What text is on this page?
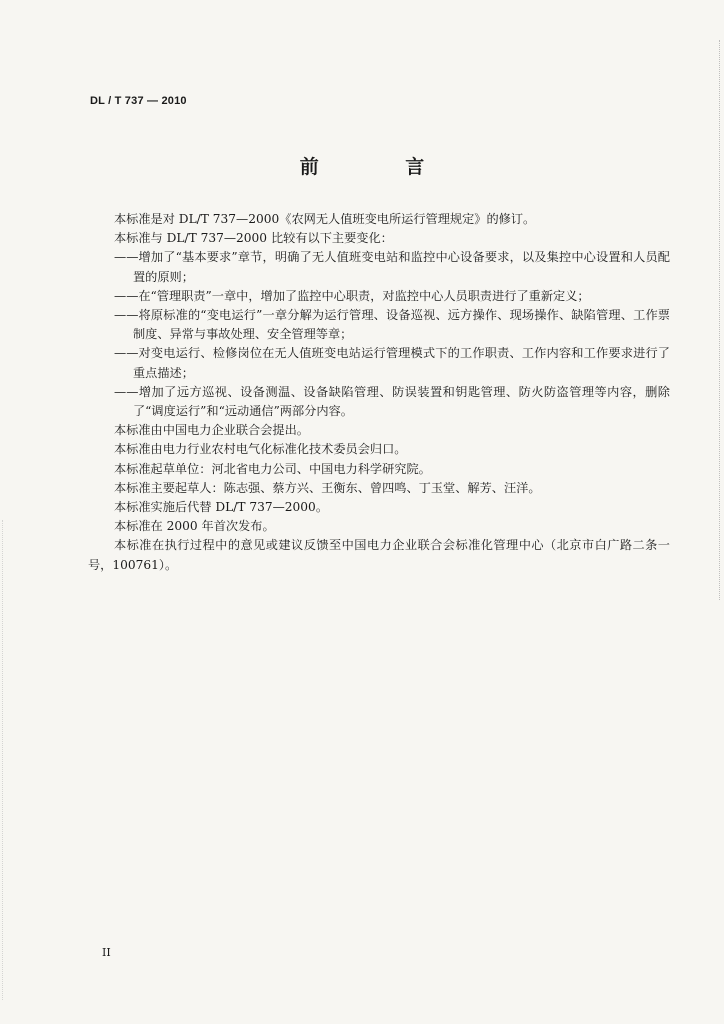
DL / T 737 — 2010
前 言

本标准是对 DL/T 737—2000《农网无人值班变电所运行管理规定》的修订。

本标准与 DL/T 737—2000 比较有以下主要变化：

——增加了“基本要求”章节，明确了无人值班变电站和监控中心设备要求，以及集控中心设置和人员配置的原则；

——在“管理职责”一章中，增加了监控中心职责，对监控中心人员职责进行了重新定义；

——将原标准的“变电运行”一章分解为运行管理、设备巡视、远方操作、现场操作、缺陷管理、工作票制度、异常与事故处理、安全管理等章；

——对变电运行、检修岗位在无人值班变电站运行管理模式下的工作职责、工作内容和工作要求进行了重点描述；

——增加了远方巡视、设备测温、设备缺陷管理、防误装置和钥匙管理、防火防盗管理等内容，删除了“调度运行”和“远动通信”两部分内容。

本标准由中国电力企业联合会提出。

本标准由电力行业农村电气化标准化技术委员会归口。

本标准起草单位：河北省电力公司、中国电力科学研究院。

本标准主要起草人：陈志强、蔡方兴、王衡东、曾四鸣、丁玉堂、解芳、汪洋。

本标准实施后代替 DL/T 737—2000。

本标准在 2000 年首次发布。

本标准在执行过程中的意见或建议反馈至中国电力企业联合会标准化管理中心（北京市白广路二条一号，100761）。

II
